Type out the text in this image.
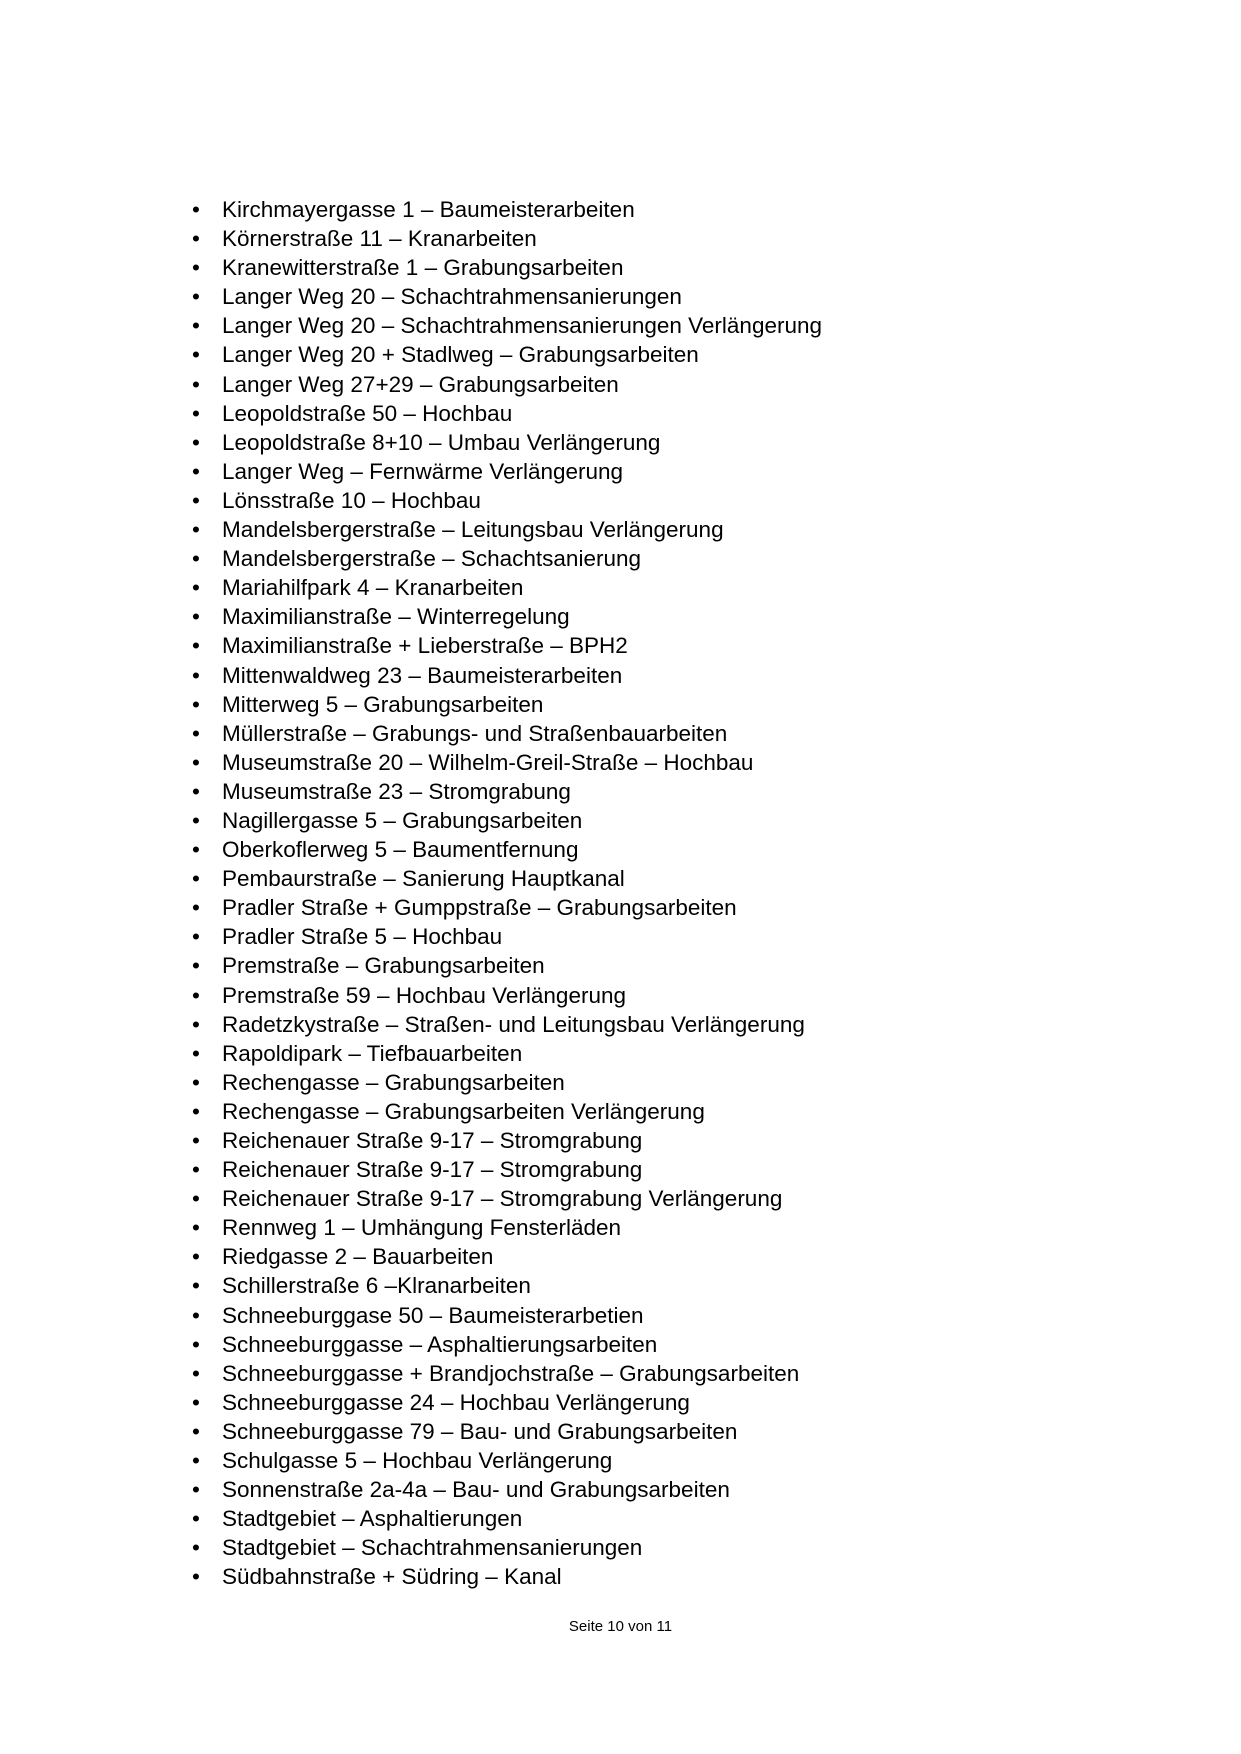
• Kirchmayergasse 1 – Baumeisterarbeiten
• Körnerstraße 11 – Kranarbeiten
• Kranewitterstraße 1 – Grabungsarbeiten
• Langer Weg 20 – Schachtrahmensanierungen
• Langer Weg 20 – Schachtrahmensanierungen Verlängerung
• Langer Weg 20 + Stadlweg – Grabungsarbeiten
• Langer Weg 27+29 – Grabungsarbeiten
• Leopoldstraße 50 – Hochbau
• Leopoldstraße 8+10 – Umbau Verlängerung
• Langer Weg – Fernwärme Verlängerung
• Lönsstraße 10 – Hochbau
• Mandelsbergerstraße – Leitungsbau Verlängerung
• Mandelsbergerstraße – Schachtsanierung
• Mariahilfpark 4 – Kranarbeiten
• Maximilianstraße – Winterregelung
• Maximilianstraße + Lieberstraße – BPH2
• Mittenwaldweg 23 – Baumeisterarbeiten
• Mitterweg 5 – Grabungsarbeiten
• Müllerstraße – Grabungs- und Straßenbauarbeiten
• Museumstraße 20 – Wilhelm-Greil-Straße – Hochbau
• Museumstraße 23 – Stromgrabung
• Nagillergasse 5 – Grabungsarbeiten
• Oberkoflerweg 5 – Baumentfernung
• Pembaurstraße – Sanierung Hauptkanal
• Pradler Straße + Gumppstraße – Grabungsarbeiten
• Pradler Straße 5 – Hochbau
• Premstraße – Grabungsarbeiten
• Premstraße 59 – Hochbau Verlängerung
• Radetzkystraße – Straßen- und Leitungsbau Verlängerung
• Rapoldipark – Tiefbauarbeiten
• Rechengasse – Grabungsarbeiten
• Rechengasse – Grabungsarbeiten Verlängerung
• Reichenauer Straße 9-17 – Stromgrabung
• Reichenauer Straße 9-17 – Stromgrabung
• Reichenauer Straße 9-17 – Stromgrabung Verlängerung
• Rennweg 1 – Umhängung Fensterläden
• Riedgasse 2 – Bauarbeiten
• Schillerstraße 6 –Klranarbeiten
• Schneeburggase 50 – Baumeisterarbetien
• Schneeburggasse – Asphaltierungsarbeiten
• Schneeburggasse + Brandjochstraße – Grabungsarbeiten
• Schneeburggasse 24 – Hochbau Verlängerung
• Schneeburggasse 79 – Bau- und Grabungsarbeiten
• Schulgasse 5 – Hochbau Verlängerung
• Sonnenstraße 2a-4a – Bau- und Grabungsarbeiten
• Stadtgebiet – Asphaltierungen
• Stadtgebiet – Schachtrahmensanierungen
• Südbahnstraße + Südring – Kanal
Seite 10 von 11
